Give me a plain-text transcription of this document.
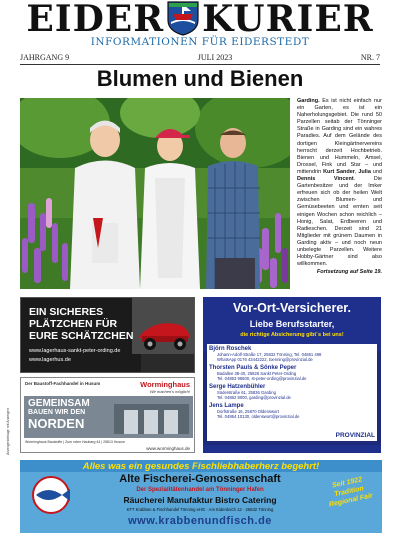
EIDER KURIER
INFORMATIONEN FÜR EIDERSTEDT
JAHRGANG 9	JULI 2023	NR. 7
Blumen und Bienen
Garding. Es ist nicht einfach nur ein Garten, es ist ein Naherholungsgebiet. Die rund 50 Parzellen seitab der Tönninger Straße in Garding sind ein wahres Paradies. Auf dem Gelände des dortigen Kleingärtnervereins herrscht derzeit Hochbetrieb. Bienen und Hummeln, Amsel, Drossel, Fink und Star – und mittendrin Kurt Sander, Julia und Dennis Vincent. Die Gartenbesitzer und der Imker erfreuen sich ob der heilen Welt zwischen Blumen- und Gemüsebeeten und ernten seit einigen Wochen schon reichlich – Honig, Salat, Erdbeeren und Radieschen. Derzeit sind 21 Mitglieder mit grünem Daumen in Garding aktiv – und noch neun unbelegte Parzellen. Weitere Hobby-Gärtner sind also willkommen.
Fortsetzung auf Seite 19.
EIN SICHERES
PLÄTZCHEN FÜR
EURE SCHÄTZCHEN
www.lagerhaus-sankt-peter-ording.de
www.lagerhus.de
Der Baustoff-Fachhandel in Husum	Worminghaus
Wir machen's möglich!
GEMEINSAM
BAUEN WIR DEN
NORDEN
Worminghaus Baustoffe | Zum roten Haubarg 44 | 25813 Husum
www.worminghaus.de
Vor-Ort-Versicherer.
Liebe Berufsstarter,
die richtige Absicherung gibt´s bei uns!
Björn Roschek
Johann-Adolf-Straße 17, 25832 Tönning, Tel. 04861 498
WhatsApp 0176 43442222, toenning@provinzial.de
Thorsten Pauls & Sönke Peper
Badallee 38-40, 25826 Sankt Peter-Ording
Tel. 04863 96600, st-peter-ording@provinzial.de
Serge Hatzenbühler
Süderstraße 61, 25836 Garding
Tel. 04862 8000, garding@provinzial.de
Jens Lampe
Dorfstraße 16, 25870 Oldenswort
Tel. 04864 10130, oldenswort@provinzial.de
PROVINZIAL
Alles was ein gesundes Fischliebhaberherz begehrt!
Alte Fischerei-Genossenschaft
Der Spezialitätenhandel am Tönninger Hafen
Räucherei Manufaktur Bistro Catering
KFT Krabben & Fischhandel Tönning eHG · Am Eiderdeich 12 · 25832 Tönning
www.krabbenundfisch.de
Seit 1922 Tradition Regional Fair
Anzeigenbeilage mit Anzeigen
